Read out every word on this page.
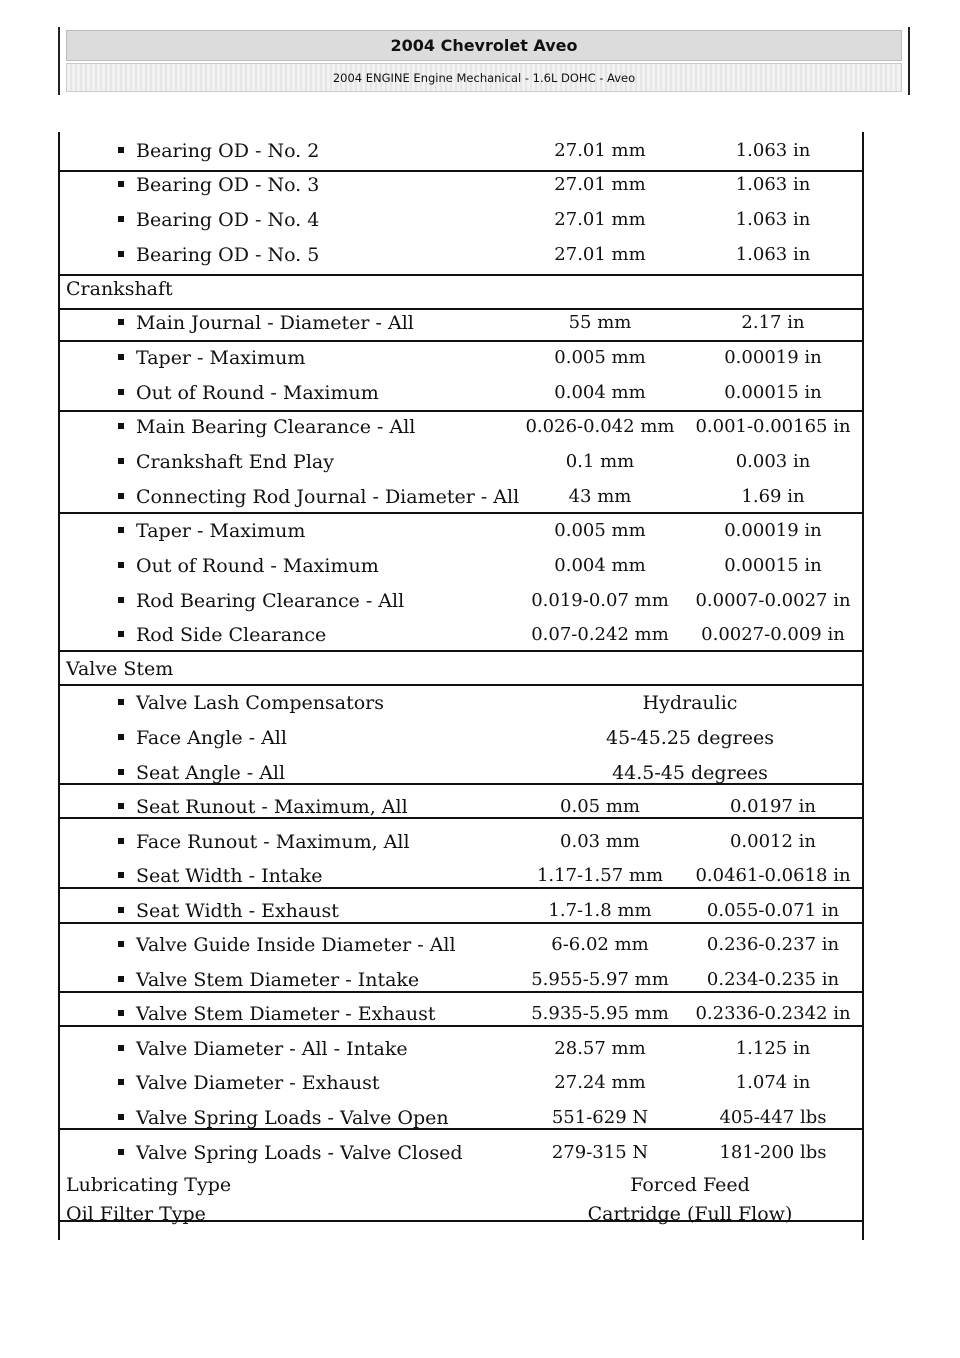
2004 Chevrolet Aveo
2004 ENGINE Engine Mechanical - 1.6L DOHC - Aveo
Bearing OD - No. 2	27.01 mm	1.063 in
Bearing OD - No. 3	27.01 mm	1.063 in
Bearing OD - No. 4	27.01 mm	1.063 in
Bearing OD - No. 5	27.01 mm	1.063 in
Crankshaft
Main Journal - Diameter - All	55 mm	2.17 in
Taper - Maximum	0.005 mm	0.00019 in
Out of Round - Maximum	0.004 mm	0.00015 in
Main Bearing Clearance - All	0.026-0.042 mm	0.001-0.00165 in
Crankshaft End Play	0.1 mm	0.003 in
Connecting Rod Journal - Diameter - All	43 mm	1.69 in
Taper - Maximum	0.005 mm	0.00019 in
Out of Round - Maximum	0.004 mm	0.00015 in
Rod Bearing Clearance - All	0.019-0.07 mm	0.0007-0.0027 in
Rod Side Clearance	0.07-0.242 mm	0.0027-0.009 in
Valve Stem
Valve Lash Compensators	Hydraulic
Face Angle - All	45-45.25 degrees
Seat Angle - All	44.5-45 degrees
Seat Runout - Maximum, All	0.05 mm	0.0197 in
Face Runout - Maximum, All	0.03 mm	0.0012 in
Seat Width - Intake	1.17-1.57 mm	0.0461-0.0618 in
Seat Width - Exhaust	1.7-1.8 mm	0.055-0.071 in
Valve Guide Inside Diameter - All	6-6.02 mm	0.236-0.237 in
Valve Stem Diameter - Intake	5.955-5.97 mm	0.234-0.235 in
Valve Stem Diameter - Exhaust	5.935-5.95 mm	0.2336-0.2342 in
Valve Diameter - All - Intake	28.57 mm	1.125 in
Valve Diameter - Exhaust	27.24 mm	1.074 in
Valve Spring Loads - Valve Open	551-629 N	405-447 lbs
Valve Spring Loads - Valve Closed	279-315 N	181-200 lbs
Lubricating Type	Forced Feed
Oil Filter Type	Cartridge (Full Flow)
